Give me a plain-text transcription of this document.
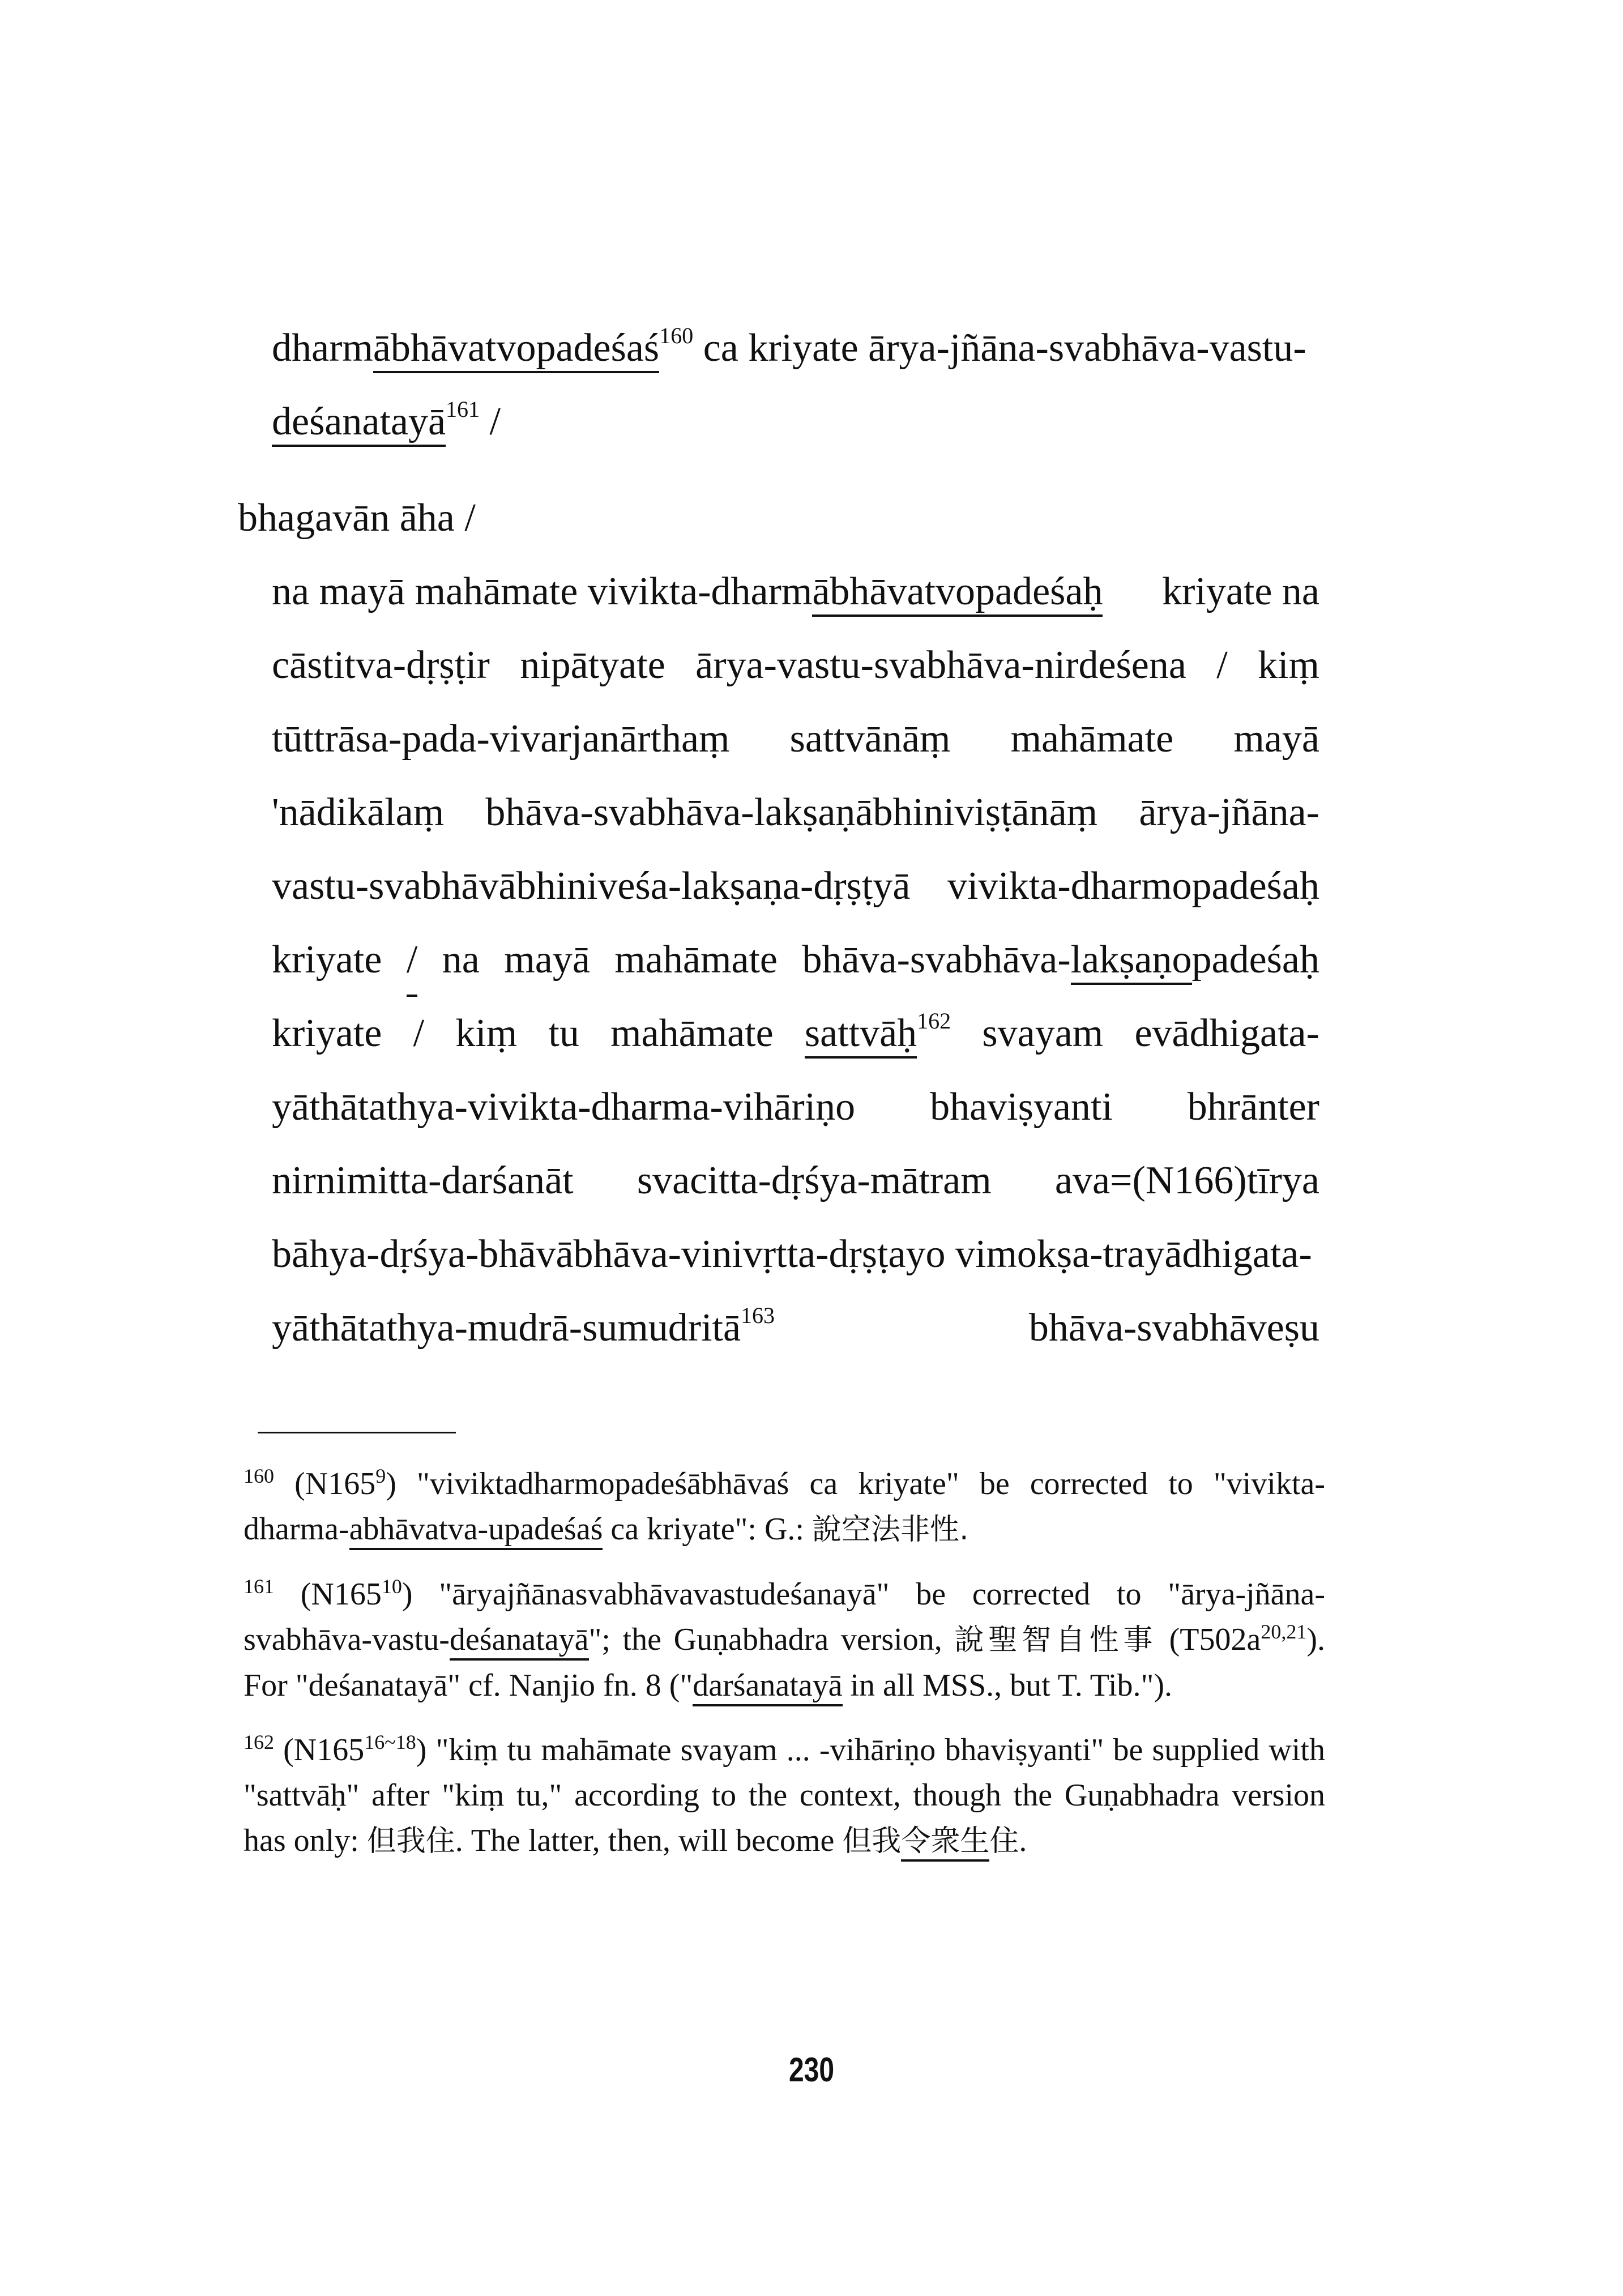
dharmābhāvatvopadeśaś$^{160}$ ca kriyate ārya-jñāna-svabhāva-vastu-
deśanatayā$^{161}$ /
bhagavān āha /
na mayā mahāmate vivikta-dharmābhāvatvopadeśaḥ kriyate na
cāstitva-dṛṣṭir nipātyate ārya-vastu-svabhāva-nirdeśena / kiṃ
tūttrāsa-pada-vivarjanārthaṃ sattvānāṃ mahāmate mayā
'nādikālaṃ bhāva-svabhāva-lakṣaṇābhiniviṣṭānāṃ ārya-jñāna-
vastu-svabhāvābhiniveśa-lakṣaṇa-dṛṣṭyā vivikta-dharmopadeśaḥ
kriyate / na mayā mahāmate bhāva-svabhāva-lakṣaṇopadeśaḥ
kriyate / kiṃ tu mahāmate sattvāḥ$^{162}$ svayam evādhigata-
yāthātathya-vivikta-dharma-vihāriṇo bhaviṣyanti bhrānter
nirnimitta-darśanāt svacitta-dṛśya-mātram ava=(N166)tīrya
bāhya-dṛśya-bhāvābhāva-vinivṛtta-dṛṣṭayo vimokṣa-trayādhigata-
yāthātathya-mudrā-sumudritā$^{163}$	bhāva-svabhāveṣu
$^{160}$ $(N165^9)$ "viviktadharmopadeśābhāvaś ca kriyate" be corrected to "vivikta-dharma-abhāvatva-upadeśaś ca kriyate": G.: 說空法非性.
$^{161}$ $(N165^{10})$ "āryajñānasvabhāvavastudeśanayā" be corrected to "ārya-jñāna-svabhāva-vastu-deśanatayā"; the Guṇabhadra version, 說聖智自性事 $(T502a^{20,21})$. For "deśanatayā" cf. Nanjio fn. 8 ("darśanatayā in all MSS., but T. Tib.").
$^{162}$ $(N165^{16\sim 18})$ "kiṃ tu mahāmate svayam ... -vihāriṇo bhaviṣyanti" be supplied with "sattvāḥ" after "kiṃ tu," according to the context, though the Guṇabhadra version has only: 但我住. The latter, then, will become 但我令衆生住.
230
